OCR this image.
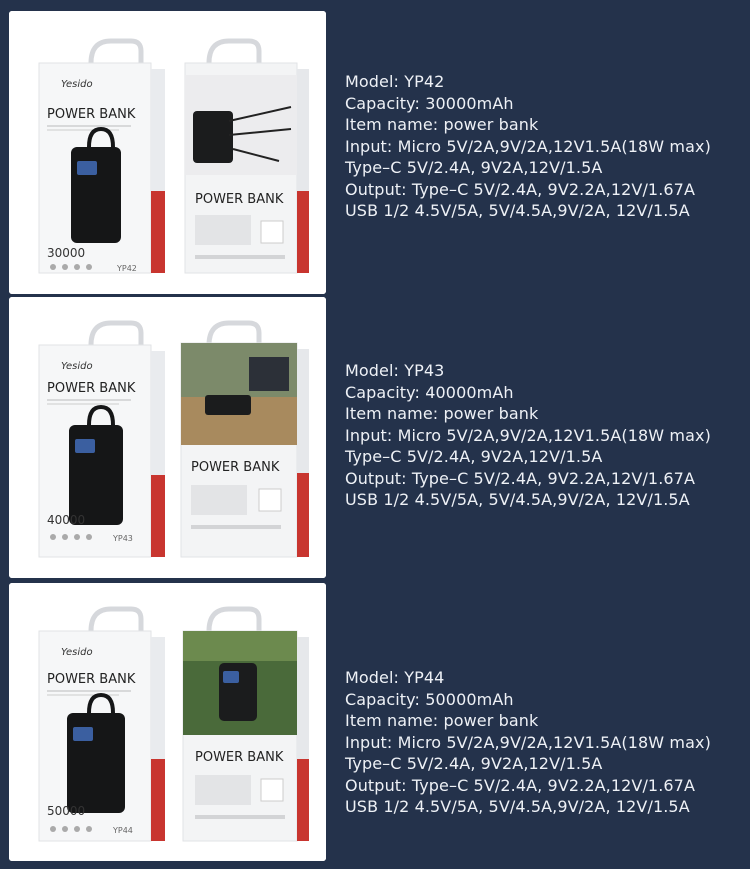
Yesido
POWER BANK
30000
YP42
POWER BANK
Model: YP42
Capacity: 30000mAh
Item name: power bank
Input: Micro 5V/2A,9V/2A,12V1.5A(18W max)
Type–C 5V/2.4A, 9V2A,12V/1.5A
Output: Type–C 5V/2.4A, 9V2.2A,12V/1.67A
USB 1/2 4.5V/5A, 5V/4.5A,9V/2A, 12V/1.5A
Yesido
POWER BANK
40000
YP43
POWER BANK
Model: YP43
Capacity: 40000mAh
Item name: power bank
Input: Micro 5V/2A,9V/2A,12V1.5A(18W max)
Type–C 5V/2.4A, 9V2A,12V/1.5A
Output: Type–C 5V/2.4A, 9V2.2A,12V/1.67A
USB 1/2 4.5V/5A, 5V/4.5A,9V/2A, 12V/1.5A
Yesido
POWER BANK
50000
YP44
POWER BANK
Model: YP44
Capacity: 50000mAh
Item name: power bank
Input: Micro 5V/2A,9V/2A,12V1.5A(18W max)
Type–C 5V/2.4A, 9V2A,12V/1.5A
Output: Type–C 5V/2.4A, 9V2.2A,12V/1.67A
USB 1/2 4.5V/5A, 5V/4.5A,9V/2A, 12V/1.5A
